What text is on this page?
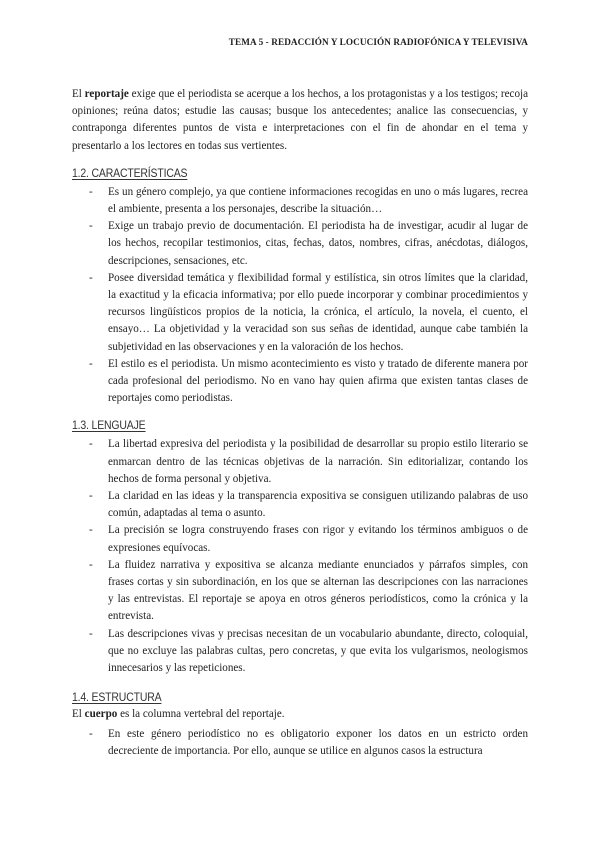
TEMA 5 - REDACCIÓN Y LOCUCIÓN RADIOFÓNICA Y TELEVISIVA

El reportaje exige que el periodista se acerque a los hechos, a los protagonistas y a los testigos; recoja opiniones; reúna datos; estudie las causas; busque los antecedentes; analice las consecuencias, y contraponga diferentes puntos de vista e interpretaciones con el fin de ahondar en el tema y presentarlo a los lectores en todas sus vertientes.

1.2. CARACTERÍSTICAS
- Es un género complejo, ya que contiene informaciones recogidas en uno o más lugares, recrea el ambiente, presenta a los personajes, describe la situación…
- Exige un trabajo previo de documentación. El periodista ha de investigar, acudir al lugar de los hechos, recopilar testimonios, citas, fechas, datos, nombres, cifras, anécdotas, diálogos, descripciones, sensaciones, etc.
- Posee diversidad temática y flexibilidad formal y estilística, sin otros límites que la claridad, la exactitud y la eficacia informativa; por ello puede incorporar y combinar procedimientos y recursos lingüísticos propios de la noticia, la crónica, el artículo, la novela, el cuento, el ensayo… La objetividad y la veracidad son sus señas de identidad, aunque cabe también la subjetividad en las observaciones y en la valoración de los hechos.
- El estilo es el periodista. Un mismo acontecimiento es visto y tratado de diferente manera por cada profesional del periodismo. No en vano hay quien afirma que existen tantas clases de reportajes como periodistas.
1.3. LENGUAJE
- La libertad expresiva del periodista y la posibilidad de desarrollar su propio estilo literario se enmarcan dentro de las técnicas objetivas de la narración. Sin editorializar, contando los hechos de forma personal y objetiva.
- La claridad en las ideas y la transparencia expositiva se consiguen utilizando palabras de uso común, adaptadas al tema o asunto.
- La precisión se logra construyendo frases con rigor y evitando los términos ambiguos o de expresiones equívocas.
- La fluidez narrativa y expositiva se alcanza mediante enunciados y párrafos simples, con frases cortas y sin subordinación, en los que se alternan las descripciones con las narraciones y las entrevistas. El reportaje se apoya en otros géneros periodísticos, como la crónica y la entrevista.
- Las descripciones vivas y precisas necesitan de un vocabulario abundante, directo, coloquial, que no excluye las palabras cultas, pero concretas, y que evita los vulgarismos, neologismos innecesarios y las repeticiones.
1.4. ESTRUCTURA

El cuerpo es la columna vertebral del reportaje.

- En este género periodístico no es obligatorio exponer los datos en un estricto orden decreciente de importancia. Por ello, aunque se utilice en algunos casos la estructura
